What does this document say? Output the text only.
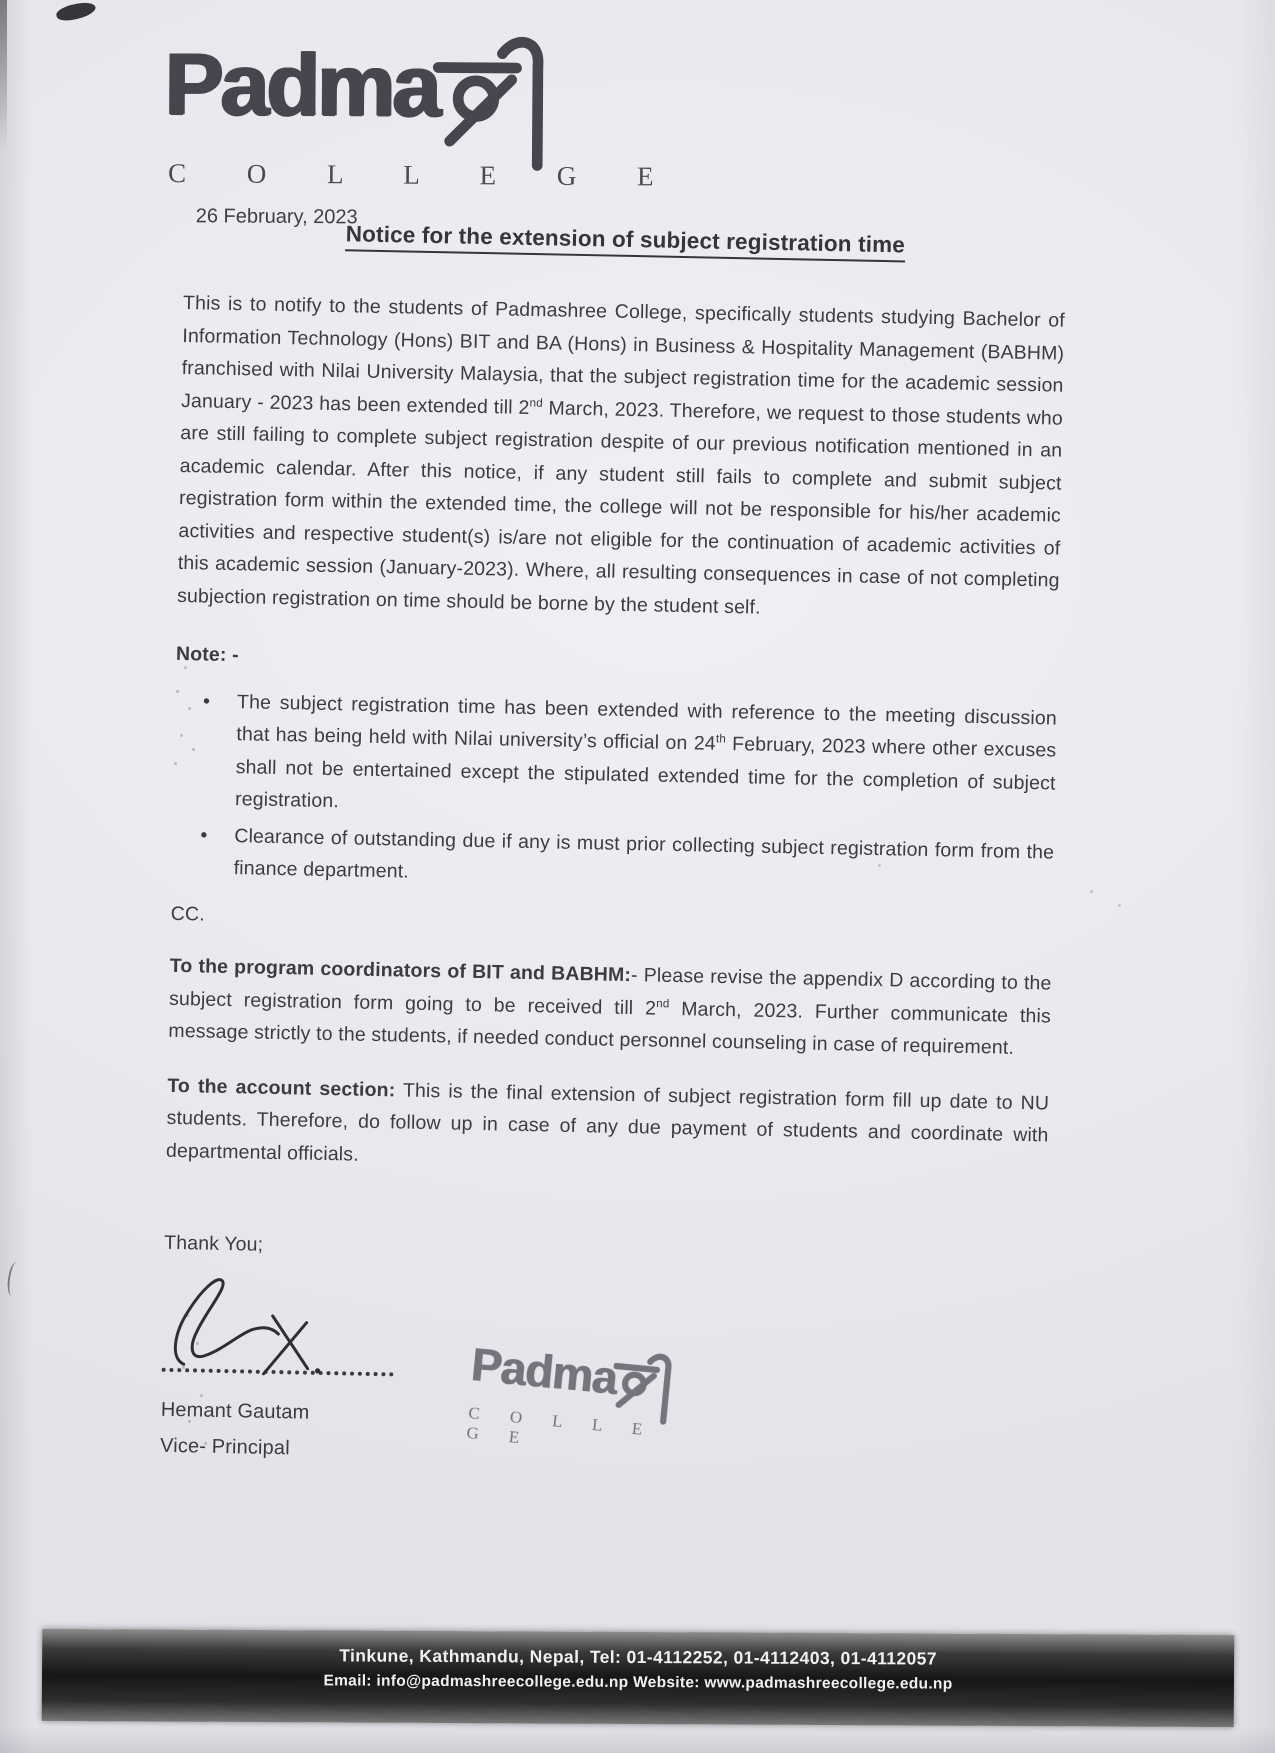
Padma
C O L L E G E
26 February, 2023
Notice for the extension of subject registration time

This is to notify to the students of Padmashree College, specifically students studying Bachelor of Information Technology (Hons) BIT and BA (Hons) in Business & Hospitality Management (BABHM) franchised with Nilai University Malaysia, that the subject registration time for the academic session January - 2023 has been extended till 2nd March, 2023. Therefore, we request to those students who are still failing to complete subject registration despite of our previous notification mentioned in an academic calendar. After this notice, if any student still fails to complete and submit subject registration form within the extended time, the college will not be responsible for his/her academic activities and respective student(s) is/are not eligible for the continuation of academic activities of this academic session (January-2023). Where, all resulting consequences in case of not completing subjection registration on time should be borne by the student self.

Note: -

• The subject registration time has been extended with reference to the meeting discussion that has being held with Nilai university’s official on 24th February, 2023 where other excuses shall not be entertained except the stipulated extended time for the completion of subject registration.
• Clearance of outstanding due if any is must prior collecting subject registration form from the finance department.

CC.

To the program coordinators of BIT and BABHM:- Please revise the appendix D according to the subject registration form going to be received till 2nd March, 2023. Further communicate this message strictly to the students, if needed conduct personnel counseling in case of requirement.

To the account section: This is the final extension of subject registration form fill up date to NU students. Therefore, do follow up in case of any due payment of students and coordinate with departmental officials.

Thank You;

Hemant Gautam
Vice- Principal
Padma
C O L L E G E
Tinkune, Kathmandu, Nepal, Tel: 01-4112252, 01-4112403, 01-4112057
Email: info@padmashreecollege.edu.np Website: www.padmashreecollege.edu.np
